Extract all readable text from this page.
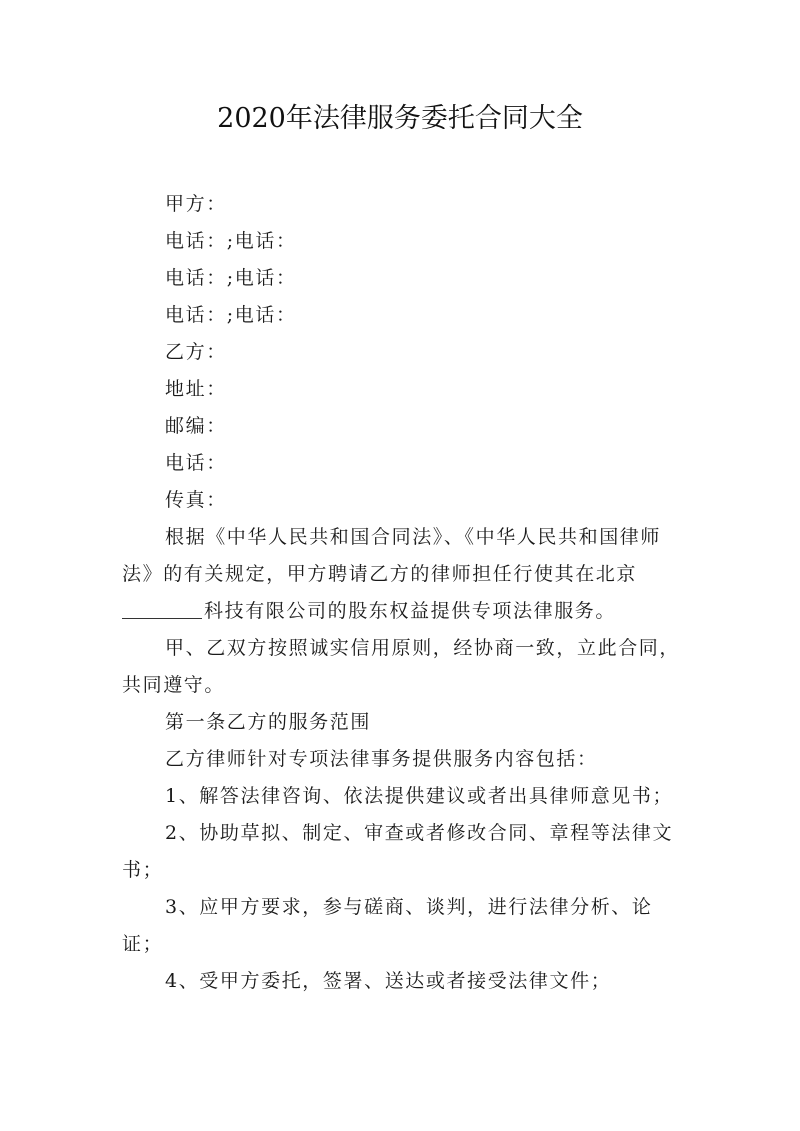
2020年法律服务委托合同大全

甲方：

电话：;电话：

电话：;电话：

电话：;电话：

乙方：

地址：

邮编：

电话：

传真：

根据《中华人民共和国合同法》、《中华人民共和国律师法》的有关规定，甲方聘请乙方的律师担任行使其在北京科技有限公司的股东权益提供专项法律服务。

甲、乙双方按照诚实信用原则，经协商一致，立此合同，共同遵守。

第一条乙方的服务范围

乙方律师针对专项法律事务提供服务内容包括：

1、解答法律咨询、依法提供建议或者出具律师意见书；

2、协助草拟、制定、审查或者修改合同、章程等法律文书；

3、应甲方要求，参与磋商、谈判，进行法律分析、论证；

4、受甲方委托，签署、送达或者接受法律文件；
